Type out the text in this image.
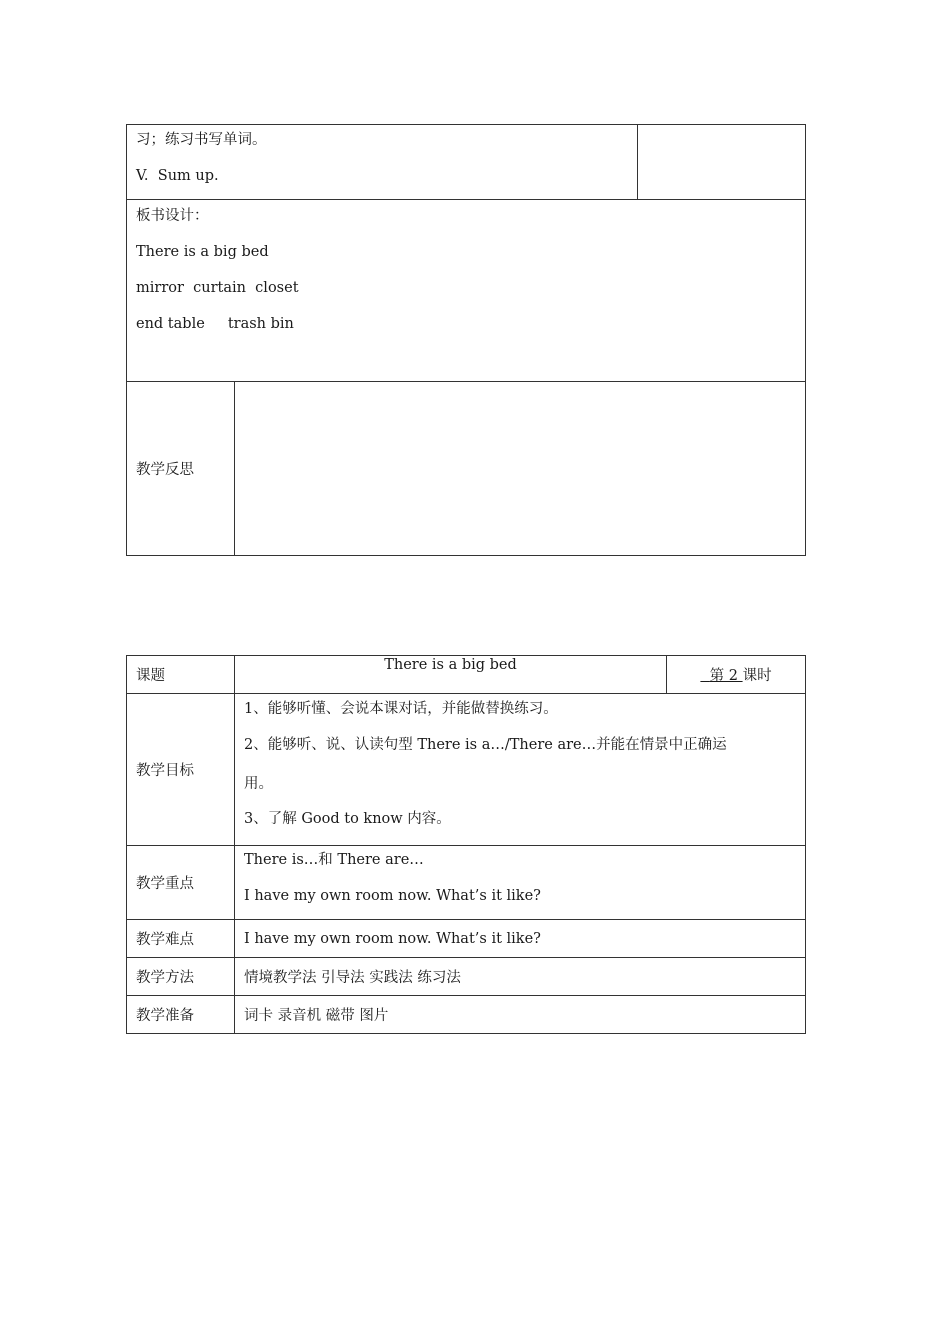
习；练习书写单词。
V.  Sum up.		

板书设计：
There is a big bed
mirror  curtain  closet
end table     trash bin		

教学反思		
课题	There is a big bed	第 2 课时
教学目标	1、能够听懂、会说本课对话，并能做替换练习。
2、能够听、说、认读句型 There is a…/There are…并能在情景中正确运
用。
3、了解 Good to know 内容。	

教学重点	There is…和 There are…
I have my own room now. What’s it like?	

教学难点	I have my own room now. What’s it like?	
教学方法	情境教学法 引导法 实践法 练习法	
教学准备	词卡 录音机 磁带 图片	
